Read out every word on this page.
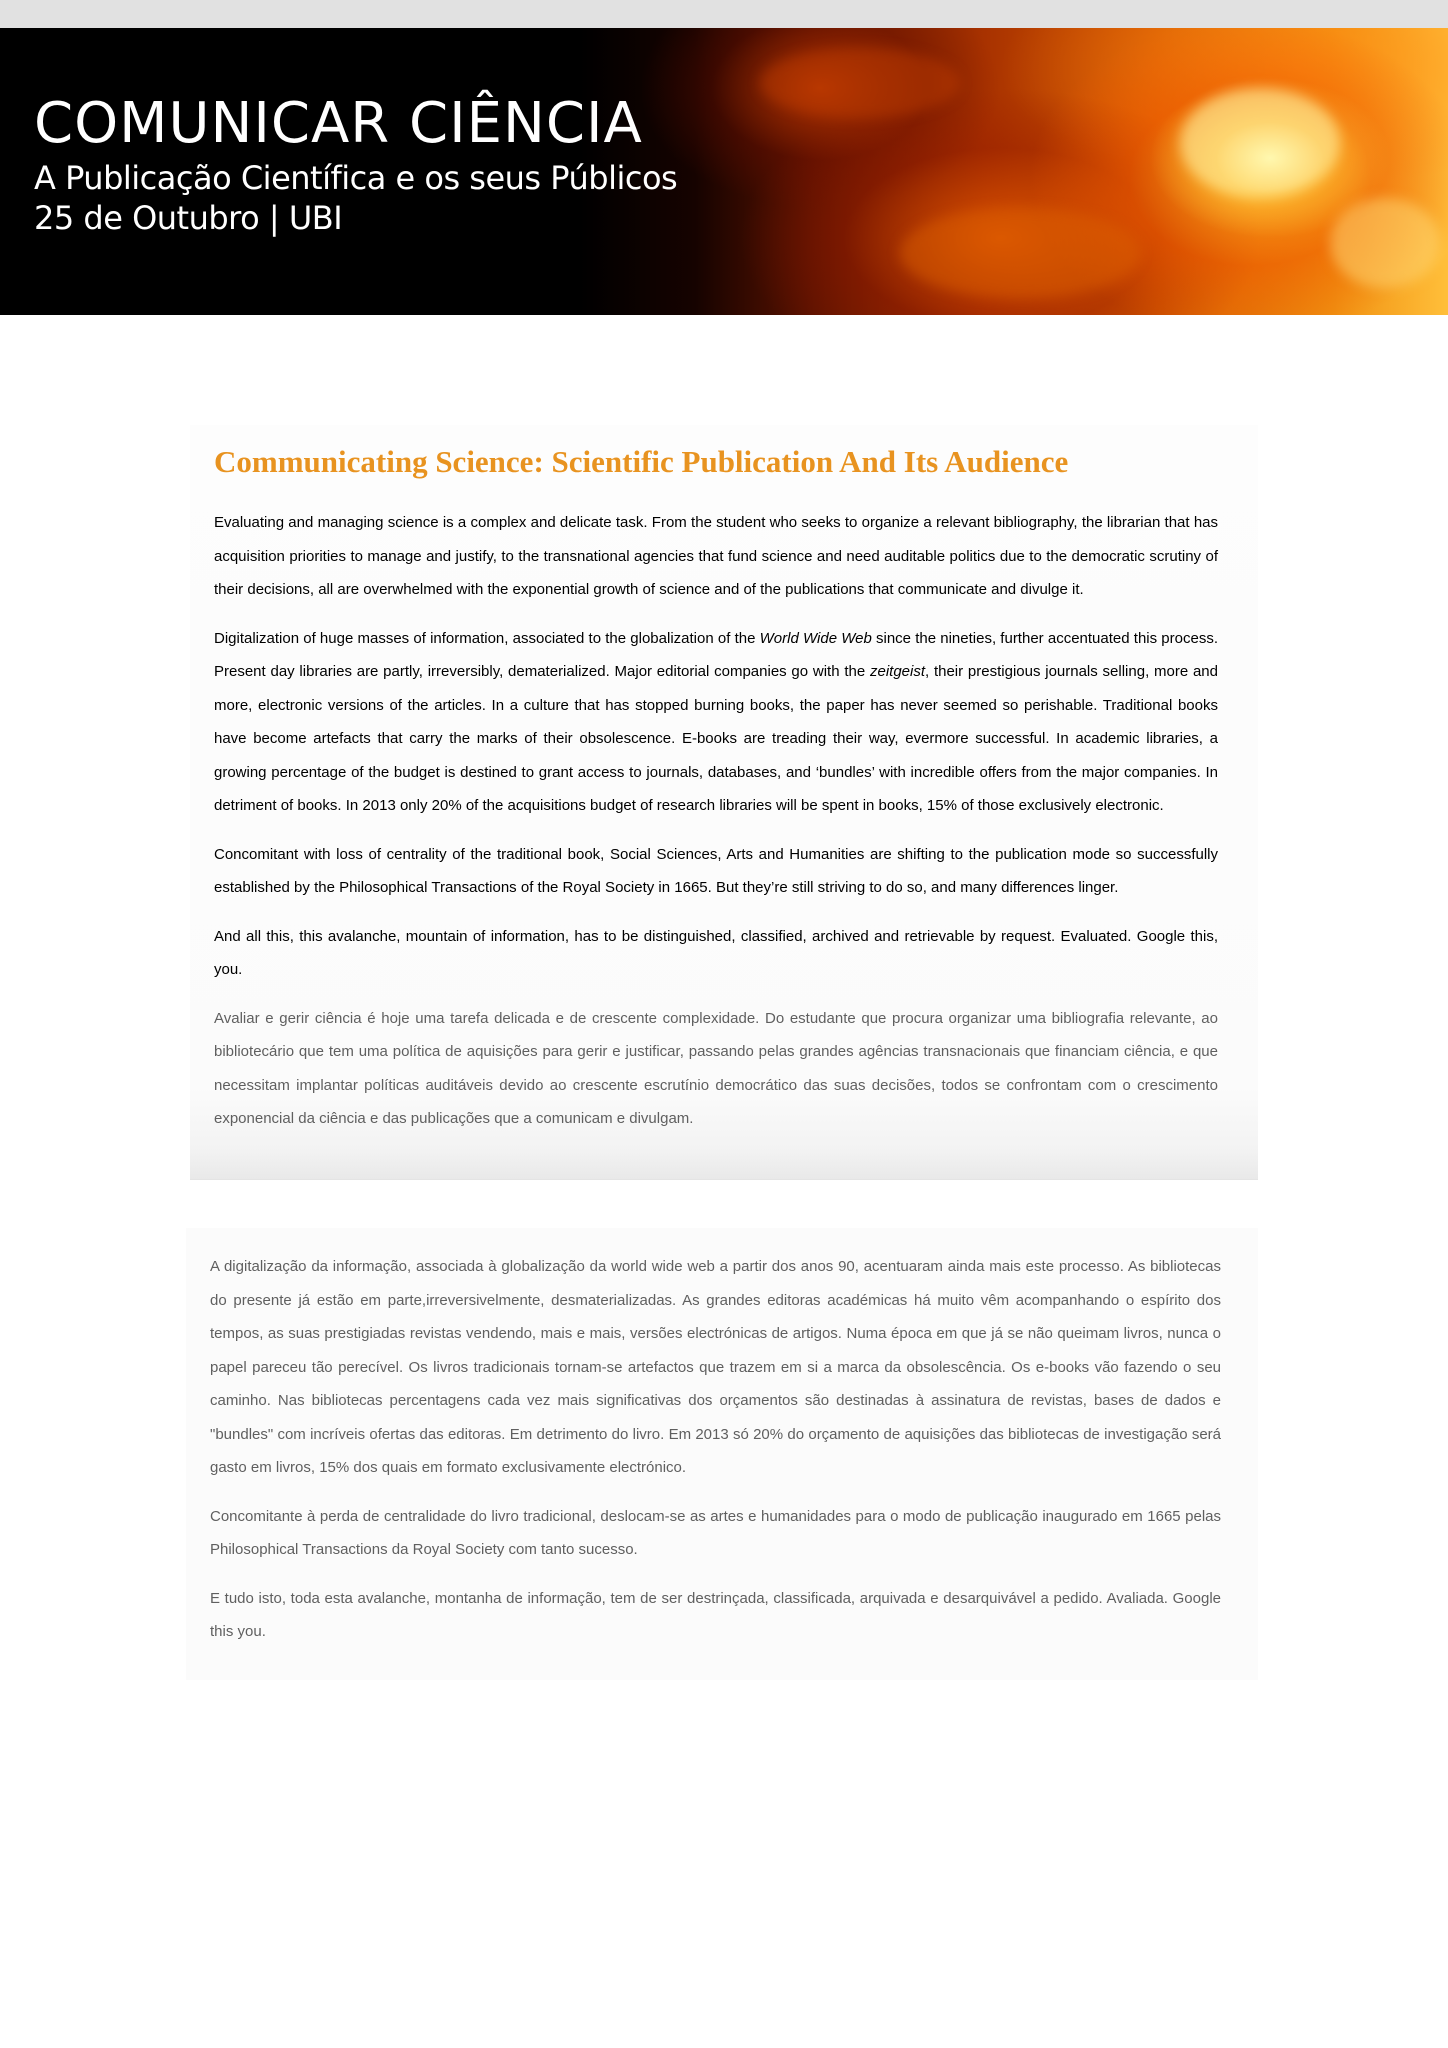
COMUNICAR CIÊNCIA
A Publicação Científica e os seus Públicos
25 de Outubro | UBI
Communicating Science: Scientific Publication And Its Audience

Evaluating and managing science is a complex and delicate task. From the student who seeks to organize a relevant bibliography, the librarian that has acquisition priorities to manage and justify, to the transnational agencies that fund science and need auditable politics due to the democratic scrutiny of their decisions, all are overwhelmed with the exponential growth of science and of the publications that communicate and divulge it.

Digitalization of huge masses of information, associated to the globalization of the World Wide Web since the nineties, further accentuated this process. Present day libraries are partly, irreversibly, dematerialized. Major editorial companies go with the zeitgeist, their prestigious journals selling, more and more, electronic versions of the articles. In a culture that has stopped burning books, the paper has never seemed so perishable. Traditional books have become artefacts that carry the marks of their obsolescence. E-books are treading their way, evermore successful. In academic libraries, a growing percentage of the budget is destined to grant access to journals, databases, and ‘bundles’ with incredible offers from the major companies. In detriment of books. In 2013 only 20% of the acquisitions budget of research libraries will be spent in books, 15% of those exclusively electronic.

Concomitant with loss of centrality of the traditional book, Social Sciences, Arts and Humanities are shifting to the publication mode so successfully established by the Philosophical Transactions of the Royal Society in 1665. But they’re still striving to do so, and many differences linger.

And all this, this avalanche, mountain of information, has to be distinguished, classified, archived and retrievable by request. Evaluated. Google this, you.

Avaliar e gerir ciência é hoje uma tarefa delicada e de crescente complexidade. Do estudante que procura organizar uma bibliografia relevante, ao bibliotecário que tem uma política de aquisições para gerir e justificar, passando pelas grandes agências transnacionais que financiam ciência, e que necessitam implantar políticas auditáveis devido ao crescente escrutínio democrático das suas decisões, todos se confrontam com o crescimento exponencial da ciência e das publicações que a comunicam e divulgam.

A digitalização da informação, associada à globalização da world wide web a partir dos anos 90, acentuaram ainda mais este processo. As bibliotecas do presente já estão em parte,irreversivelmente, desmaterializadas. As grandes editoras académicas há muito vêm acompanhando o espírito dos tempos, as suas prestigiadas revistas vendendo, mais e mais, versões electrónicas de artigos. Numa época em que já se não queimam livros, nunca o papel pareceu tão perecível. Os livros tradicionais tornam-se artefactos que trazem em si a marca da obsolescência. Os e-books vão fazendo o seu caminho. Nas bibliotecas percentagens cada vez mais significativas dos orçamentos são destinadas à assinatura de revistas, bases de dados e "bundles" com incríveis ofertas das editoras. Em detrimento do livro. Em 2013 só 20% do orçamento de aquisições das bibliotecas de investigação será gasto em livros, 15% dos quais em formato exclusivamente electrónico.

Concomitante à perda de centralidade do livro tradicional, deslocam-se as artes e humanidades para o modo de publicação inaugurado em 1665 pelas Philosophical Transactions da Royal Society com tanto sucesso.

E tudo isto, toda esta avalanche, montanha de informação, tem de ser destrinçada, classificada, arquivada e desarquivável a pedido. Avaliada. Google this you.
